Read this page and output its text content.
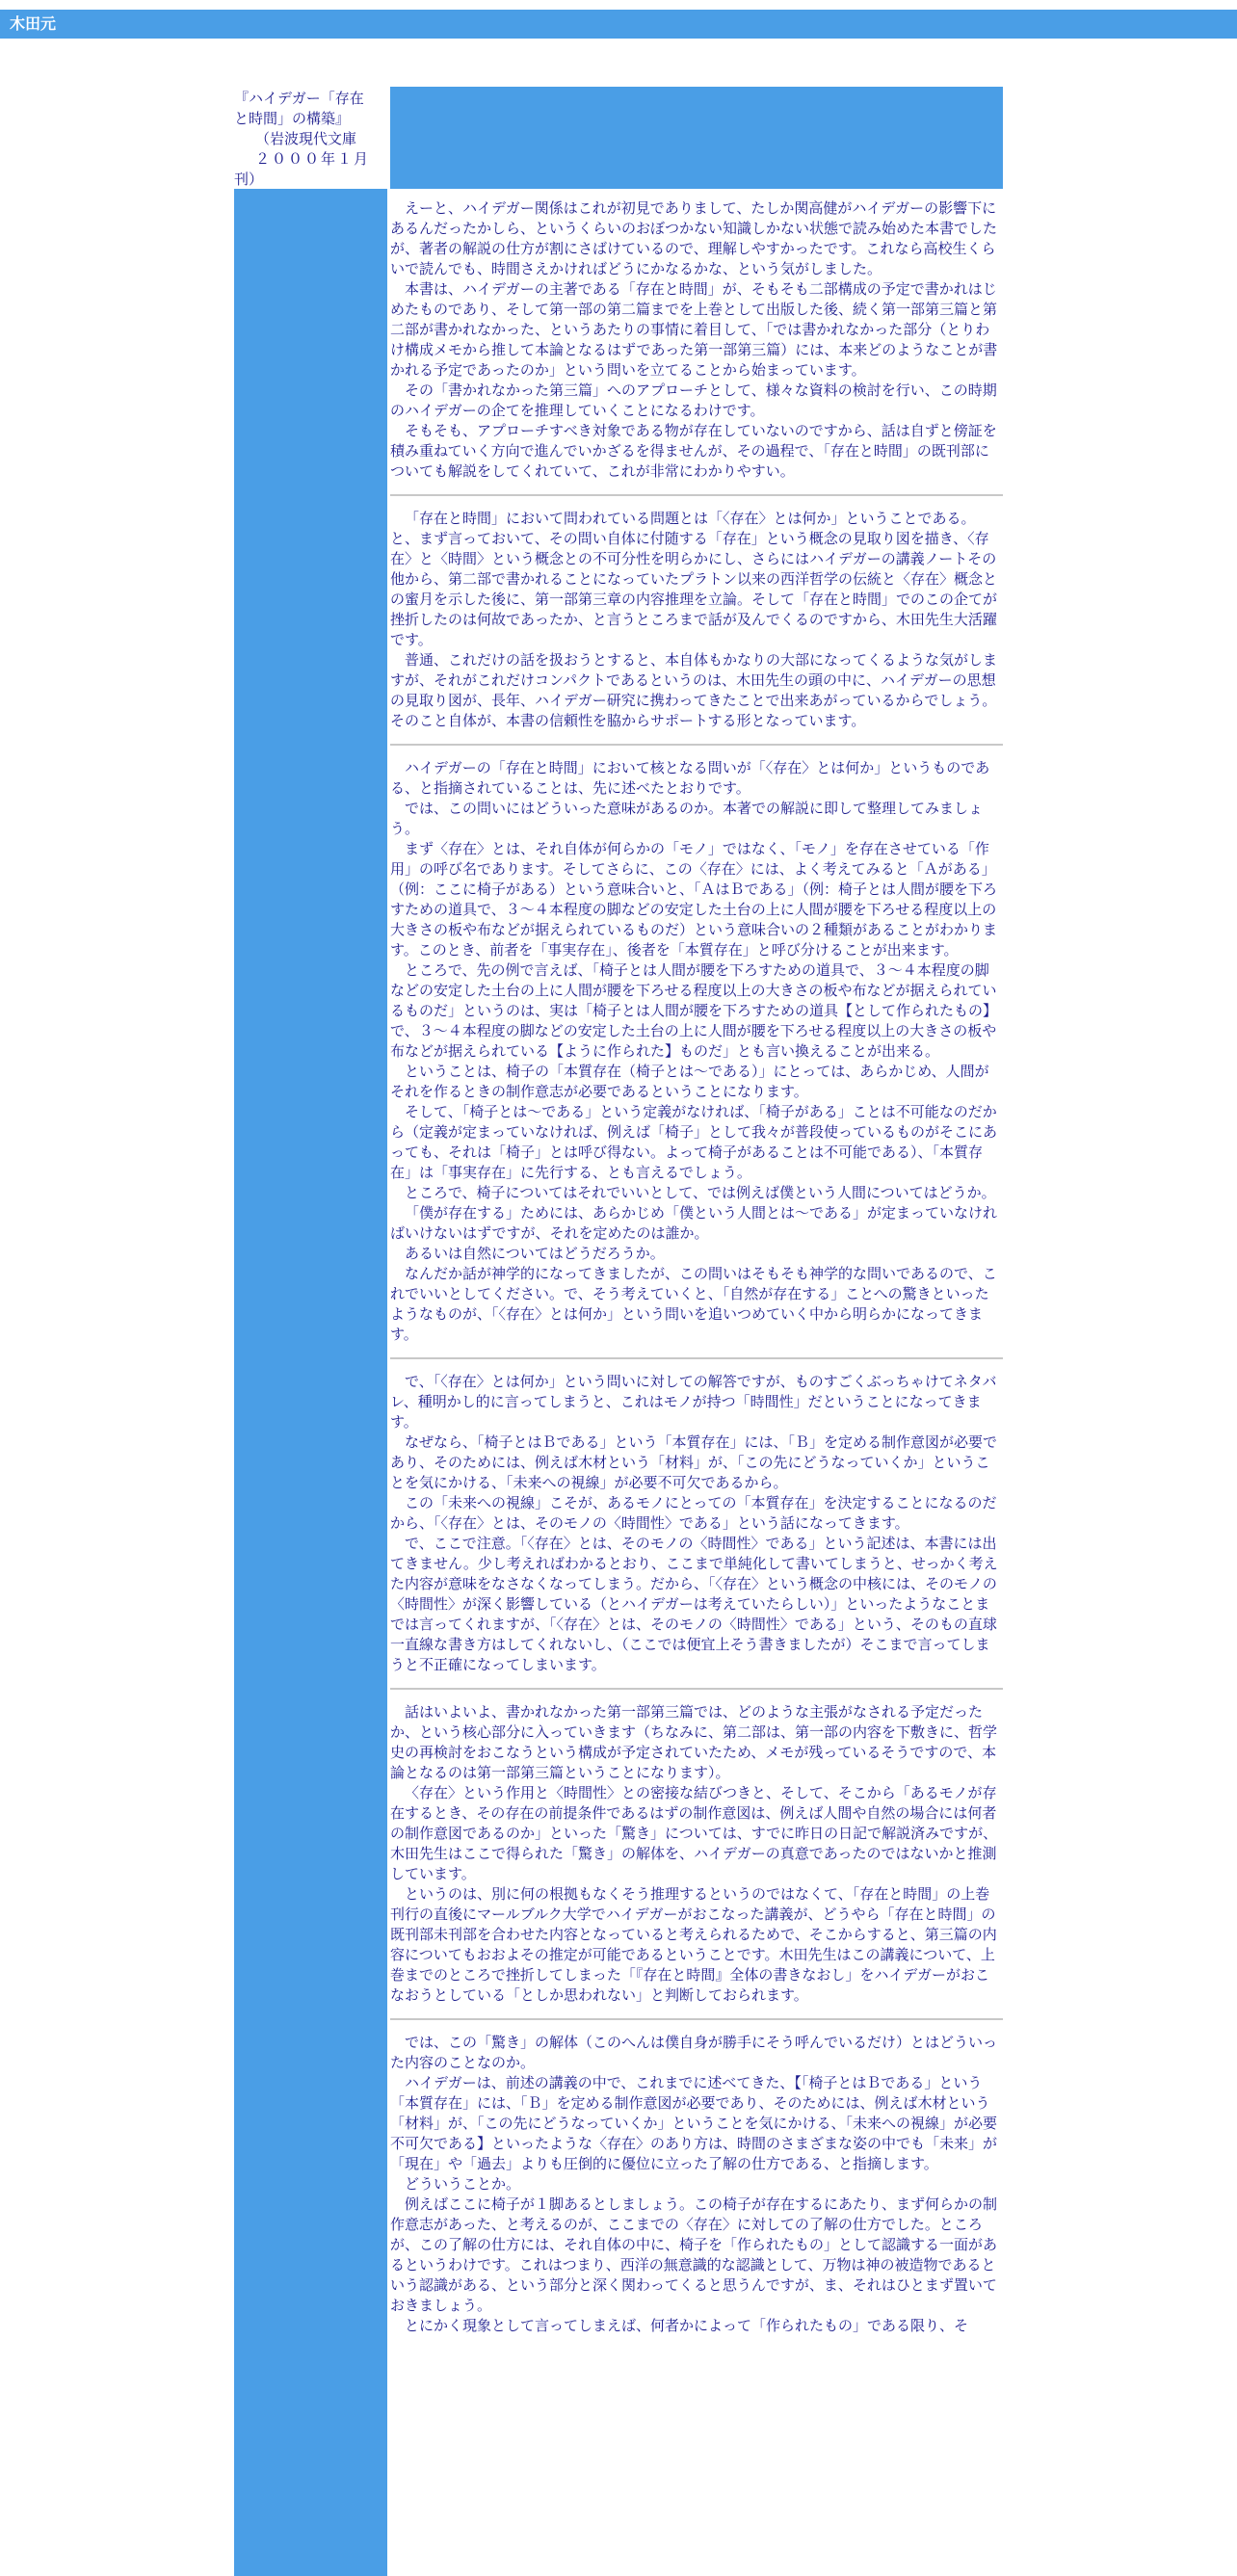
木田元
『ハイデガー「存在
と時間」の構築』
（岩波現代文庫
２０００年１月
刊）

えーと、ハイデガー関係はこれが初見でありまして、たしか関高健がハイデガーの影響下にあるんだったかしら、というくらいのおぼつかない知識しかない状態で読み始めた本書でしたが、著者の解説の仕方が割にさばけているので、理解しやすかったです。これなら高校生くらいで読んでも、時間さえかければどうにかなるかな、という気がしました。

本書は、ハイデガーの主著である「存在と時間」が、そもそも二部構成の予定で書かれはじめたものであり、そして第一部の第二篇までを上巻として出版した後、続く第一部第三篇と第二部が書かれなかった、というあたりの事情に着目して、「では書かれなかった部分（とりわけ構成メモから推して本論となるはずであった第一部第三篇）には、本来どのようなことが書かれる予定であったのか」という問いを立てることから始まっています。

その「書かれなかった第三篇」へのアプローチとして、様々な資料の検討を行い、この時期のハイデガーの企てを推理していくことになるわけです。

そもそも、アプローチすべき対象である物が存在していないのですから、話は自ずと傍証を積み重ねていく方向で進んでいかざるを得ませんが、その過程で、「存在と時間」の既刊部についても解説をしてくれていて、これが非常にわかりやすい。

「存在と時間」において問われている問題とは「〈存在〉とは何か」ということである。と、まず言っておいて、その問い自体に付随する「存在」という概念の見取り図を描き、〈存在〉と〈時間〉という概念との不可分性を明らかにし、さらにはハイデガーの講義ノートその他から、第二部で書かれることになっていたプラトン以来の西洋哲学の伝統と〈存在〉概念との蜜月を示した後に、第一部第三章の内容推理を立論。そして「存在と時間」でのこの企てが挫折したのは何故であったか、と言うところまで話が及んでくるのですから、木田先生大活躍です。

普通、これだけの話を扱おうとすると、本自体もかなりの大部になってくるような気がしますが、それがこれだけコンパクトであるというのは、木田先生の頭の中に、ハイデガーの思想の見取り図が、長年、ハイデガー研究に携わってきたことで出来あがっているからでしょう。そのこと自体が、本書の信頼性を脇からサポートする形となっています。

ハイデガーの「存在と時間」において核となる問いが「〈存在〉とは何か」というものである、と指摘されていることは、先に述べたとおりです。

では、この問いにはどういった意味があるのか。本著での解説に即して整理してみましょう。

まず〈存在〉とは、それ自体が何らかの「モノ」ではなく、「モノ」を存在させている「作用」の呼び名であります。そしてさらに、この〈存在〉には、よく考えてみると「Ａがある」（例：ここに椅子がある）という意味合いと、「ＡはＢである」（例：椅子とは人間が腰を下ろすための道具で、３～４本程度の脚などの安定した土台の上に人間が腰を下ろせる程度以上の大きさの板や布などが据えられているものだ）という意味合いの２種類があることがわかります。このとき、前者を「事実存在」、後者を「本質存在」と呼び分けることが出来ます。

ところで、先の例で言えば、「椅子とは人間が腰を下ろすための道具で、３～４本程度の脚などの安定した土台の上に人間が腰を下ろせる程度以上の大きさの板や布などが据えられているものだ」というのは、実は「椅子とは人間が腰を下ろすための道具【として作られたもの】で、３～４本程度の脚などの安定した土台の上に人間が腰を下ろせる程度以上の大きさの板や布などが据えられている【ように作られた】ものだ」とも言い換えることが出来る。

ということは、椅子の「本質存在（椅子とは～である）」にとっては、あらかじめ、人間がそれを作るときの制作意志が必要であるということになります。

そして、「椅子とは～である」という定義がなければ、「椅子がある」ことは不可能なのだから（定義が定まっていなければ、例えば「椅子」として我々が普段使っているものがそこにあっても、それは「椅子」とは呼び得ない。よって椅子があることは不可能である）、「本質存在」は「事実存在」に先行する、とも言えるでしょう。

ところで、椅子についてはそれでいいとして、では例えば僕という人間についてはどうか。

「僕が存在する」ためには、あらかじめ「僕という人間とは～である」が定まっていなければいけないはずですが、それを定めたのは誰か。

あるいは自然についてはどうだろうか。

なんだか話が神学的になってきましたが、この問いはそもそも神学的な問いであるので、これでいいとしてください。で、そう考えていくと、「自然が存在する」ことへの驚きといったようなものが、「〈存在〉とは何か」という問いを追いつめていく中から明らかになってきます。

で、「〈存在〉とは何か」という問いに対しての解答ですが、ものすごくぶっちゃけてネタバレ、種明かし的に言ってしまうと、これはモノが持つ「時間性」だということになってきます。

なぜなら、「椅子とはＢである」という「本質存在」には、「Ｂ」を定める制作意図が必要であり、そのためには、例えば木材という「材料」が、「この先にどうなっていくか」ということを気にかける、「未来への視線」が必要不可欠であるから。

この「未来への視線」こそが、あるモノにとっての「本質存在」を決定することになるのだから、「〈存在〉とは、そのモノの〈時間性〉である」という話になってきます。

で、ここで注意。「〈存在〉とは、そのモノの〈時間性〉である」という記述は、本書には出てきません。少し考えればわかるとおり、ここまで単純化して書いてしまうと、せっかく考えた内容が意味をなさなくなってしまう。だから、「〈存在〉という概念の中核には、そのモノの〈時間性〉が深く影響している（とハイデガーは考えていたらしい）」といったようなことまでは言ってくれますが、「〈存在〉とは、そのモノの〈時間性〉である」という、そのもの直球一直線な書き方はしてくれないし、（ここでは便宜上そう書きましたが）そこまで言ってしまうと不正確になってしまいます。

話はいよいよ、書かれなかった第一部第三篇では、どのような主張がなされる予定だったか、という核心部分に入っていきます（ちなみに、第二部は、第一部の内容を下敷きに、哲学史の再検討をおこなうという構成が予定されていたため、メモが残っているそうですので、本論となるのは第一部第三篇ということになります）。

〈存在〉という作用と〈時間性〉との密接な結びつきと、そして、そこから「あるモノが存在するとき、その存在の前提条件であるはずの制作意図は、例えば人間や自然の場合には何者の制作意図であるのか」といった「驚き」については、すでに昨日の日記で解説済みですが、木田先生はここで得られた「驚き」の解体を、ハイデガーの真意であったのではないかと推測しています。

というのは、別に何の根拠もなくそう推理するというのではなくて、「存在と時間」の上巻刊行の直後にマールブルク大学でハイデガーがおこなった講義が、どうやら「存在と時間」の既刊部未刊部を合わせた内容となっていると考えられるためで、そこからすると、第三篇の内容についてもおおよその推定が可能であるということです。木田先生はこの講義について、上巻までのところで挫折してしまった「『存在と時間』全体の書きなおし」をハイデガーがおこなおうとしている「としか思われない」と判断しておられます。

では、この「驚き」の解体（このへんは僕自身が勝手にそう呼んでいるだけ）とはどういった内容のことなのか。

ハイデガーは、前述の講義の中で、これまでに述べてきた、【「椅子とはＢである」という「本質存在」には、「Ｂ」を定める制作意図が必要であり、そのためには、例えば木材という「材料」が、「この先にどうなっていくか」ということを気にかける、「未来への視線」が必要不可欠である】といったような〈存在〉のあり方は、時間のさまざまな姿の中でも「未来」が「現在」や「過去」よりも圧倒的に優位に立った了解の仕方である、と指摘します。

どういうことか。

例えばここに椅子が１脚あるとしましょう。この椅子が存在するにあたり、まず何らかの制作意志があった、と考えるのが、ここまでの〈存在〉に対しての了解の仕方でした。ところが、この了解の仕方には、それ自体の中に、椅子を「作られたもの」として認識する一面があるというわけです。これはつまり、西洋の無意識的な認識として、万物は神の被造物であるという認識がある、という部分と深く関わってくると思うんですが、ま、それはひとまず置いておきましょう。

とにかく現象として言ってしまえば、何者かによって「作られたもの」である限り、そ
